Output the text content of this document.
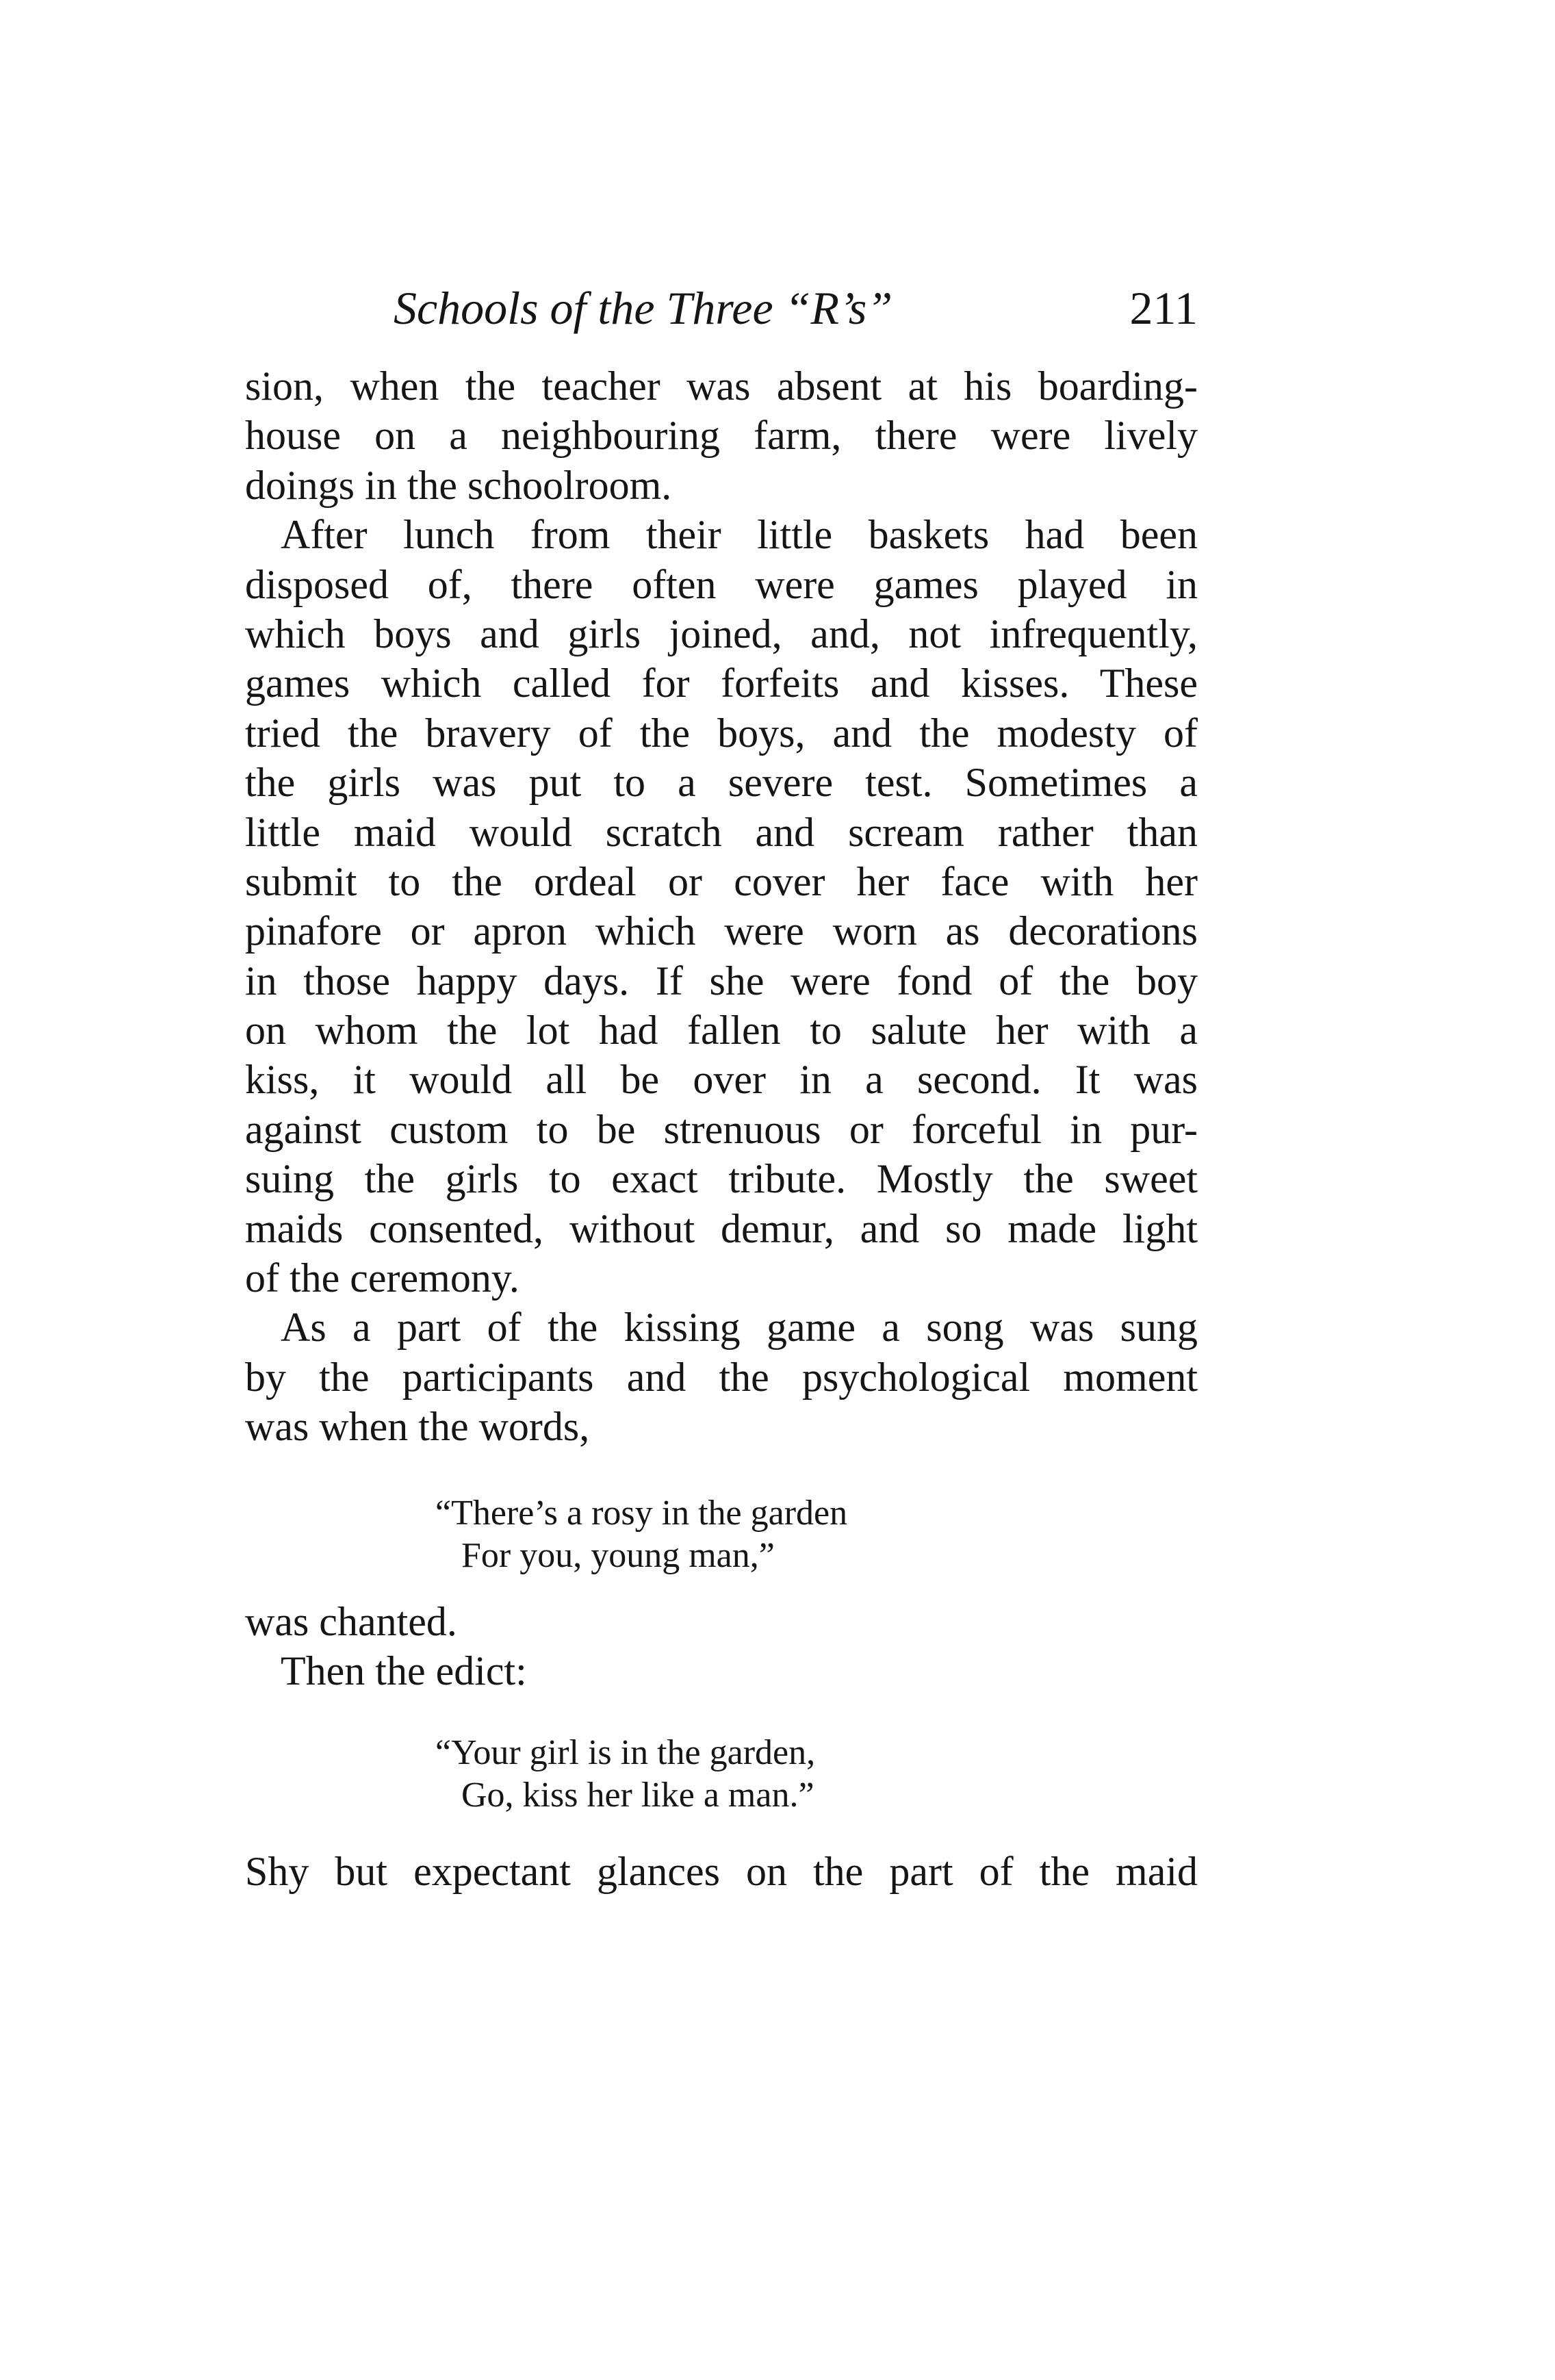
Schools of the Three “R’s”	211
sion, when the teacher was absent at his boarding-
house on a neighbouring farm, there were lively
doings in the schoolroom.
After lunch from their little baskets had been
disposed of, there often were games played in
which boys and girls joined, and, not infrequently,
games which called for forfeits and kisses. These
tried the bravery of the boys, and the modesty of
the girls was put to a severe test. Sometimes a
little maid would scratch and scream rather than
submit to the ordeal or cover her face with her
pinafore or apron which were worn as decorations
in those happy days. If she were fond of the boy
on whom the lot had fallen to salute her with a
kiss, it would all be over in a second. It was
against custom to be strenuous or forceful in pur-
suing the girls to exact tribute. Mostly the sweet
maids consented, without demur, and so made light
of the ceremony.
As a part of the kissing game a song was sung
by the participants and the psychological moment
was when the words,
“There’s a rosy in the garden
For you, young man,”
was chanted.
Then the edict:
“Your girl is in the garden,
Go, kiss her like a man.”
Shy but expectant glances on the part of the maid
